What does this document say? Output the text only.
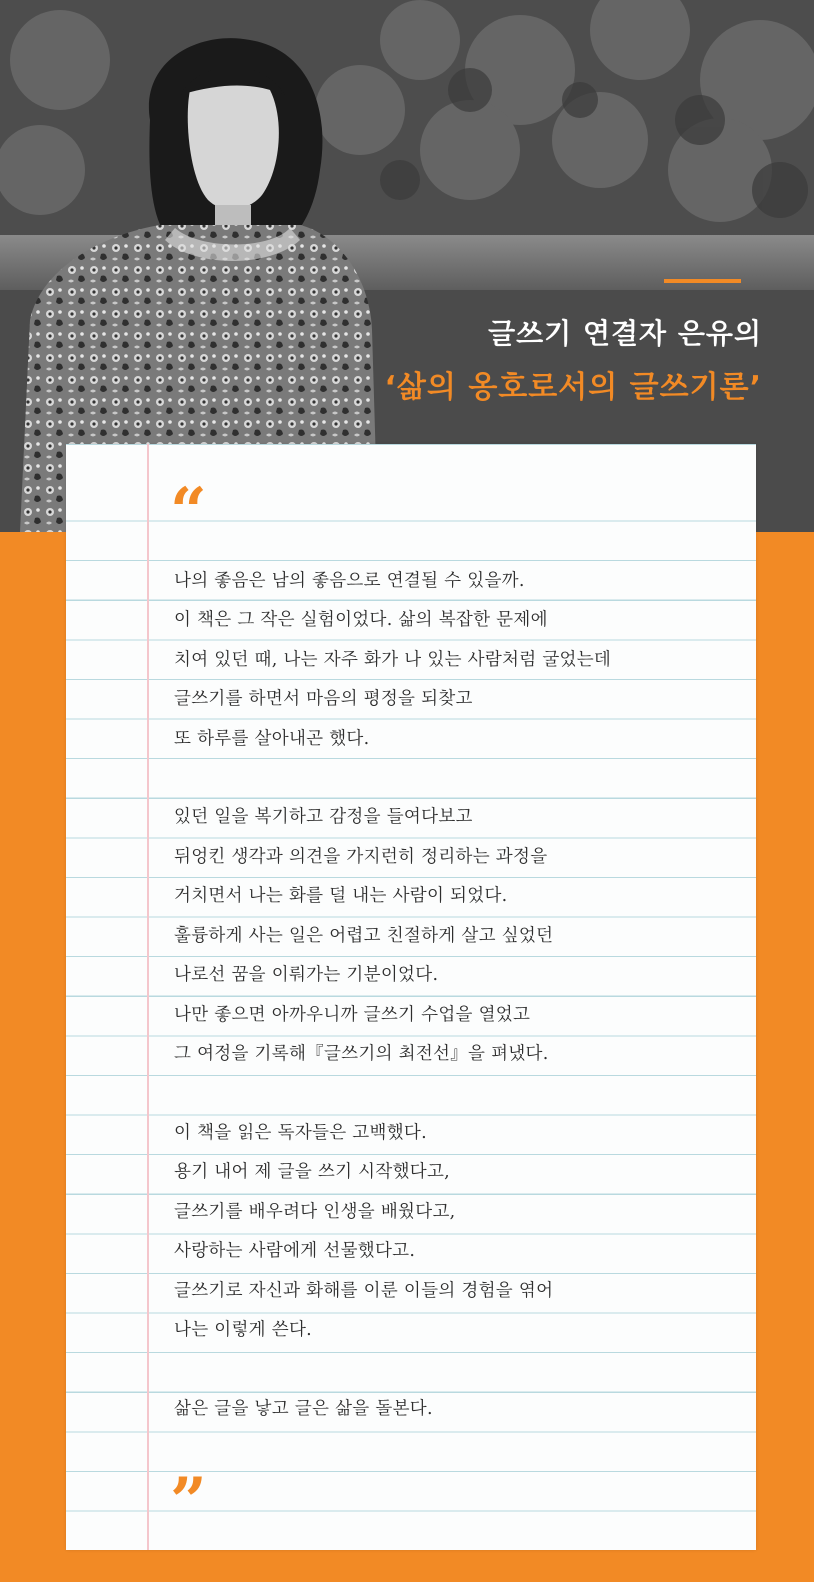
글쓰기 연결자 은유의
‘삶의 옹호로서의 글쓰기론’
“

나의 좋음은 남의 좋음으로 연결될 수 있을까.

이 책은 그 작은 실험이었다. 삶의 복잡한 문제에

치여 있던 때, 나는 자주 화가 나 있는 사람처럼 굴었는데

글쓰기를 하면서 마음의 평정을 되찾고

또 하루를 살아내곤 했다.

있던 일을 복기하고 감정을 들여다보고

뒤엉킨 생각과 의견을 가지런히 정리하는 과정을

거치면서 나는 화를 덜 내는 사람이 되었다.

훌륭하게 사는 일은 어렵고 친절하게 살고 싶었던

나로선 꿈을 이뤄가는 기분이었다.

나만 좋으면 아까우니까 글쓰기 수업을 열었고

그 여정을 기록해『글쓰기의 최전선』을 펴냈다.

이 책을 읽은 독자들은 고백했다.

용기 내어 제 글을 쓰기 시작했다고,

글쓰기를 배우려다 인생을 배웠다고,

사랑하는 사람에게 선물했다고.

글쓰기로 자신과 화해를 이룬 이들의 경험을 엮어

나는 이렇게 쓴다.

삶은 글을 낳고 글은 삶을 돌본다.

”
